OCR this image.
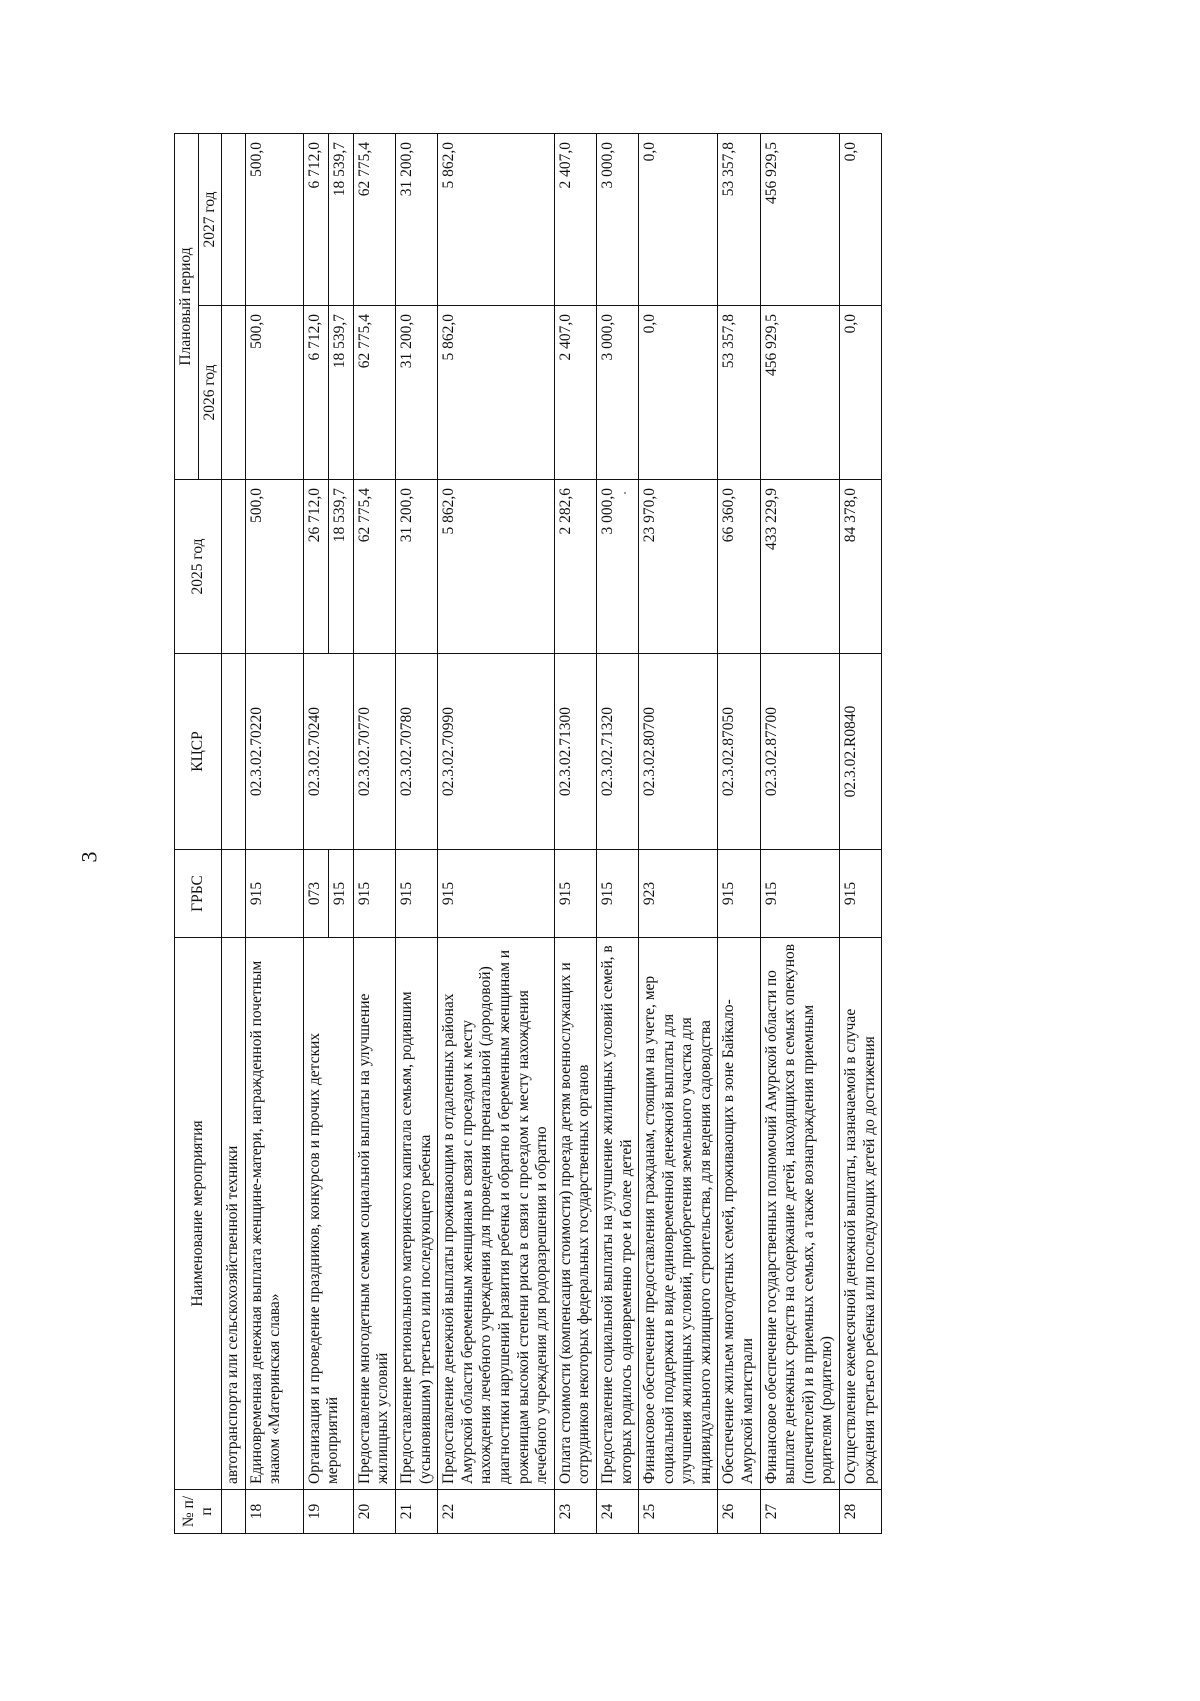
3
№ п/п	Наименование мероприятия	ГРБС	КЦСР	2025 год	Плановый период	
					2026 год	2027 год
	автотранспорта или сельскохозяйственной техники					
18	Единовременная денежная выплата женщине-матери, награжденной почетным знаком «Материнская слава»	915	02.3.02.70220	500,0	500,0	500,0
19	Организация и проведение праздников, конкурсов и прочих детских мероприятий	073	02.3.02.70240	26 712,0	6 712,0	6 712,0
		915		18 539,7	18 539,7	18 539,7
20	Предоставление многодетным семьям социальной выплаты на улучшение жилищных условий	915	02.3.02.70770	62 775,4	62 775,4	62 775,4
21	Предоставление регионального материнского капитала семьям, родившим (усыновившим) третьего или последующего ребенка	915	02.3.02.70780	31 200,0	31 200,0	31 200,0
22	Предоставление денежной выплаты проживающим в отдаленных районах Амурской области беременным женщинам в связи с проездом к месту нахождения лечебного учреждения для проведения пренатальной (дородовой) диагностики нарушений развития ребенка и обратно и беременным женщинам и роженицам высокой степени риска в связи с проездом к месту нахождения лечебного учреждения для родоразрешения и обратно	915	02.3.02.70990	5 862,0	5 862,0	5 862,0
23	Оплата стоимости (компенсация стоимости) проезда детям военнослужащих и сотрудников некоторых федеральных государственных органов	915	02.3.02.71300	2 282,6	2 407,0	2 407,0
24	Предоставление социальной выплаты на улучшение жилищных условий семей, в которых родилось одновременно трое и более детей	915	02.3.02.71320	3 000,0	3 000,0	3 000,0
25	Финансовое обеспечение предоставления гражданам, стоящим на учете, мер социальной поддержки в виде единовременной денежной выплаты для улучшения жилищных условий, приобретения земельного участка для индивидуального жилищного строительства, для ведения садоводства	923	02.3.02.80700	23 970,0	0,0	0,0
26	Обеспечение жильем многодетных семей, проживающих в зоне Байкало-Амурской магистрали	915	02.3.02.87050	66 360,0	53 357,8	53 357,8
27	Финансовое обеспечение государственных полномочий Амурской области по выплате денежных средств на содержание детей, находящихся в семьях опекунов (попечителей) и в приемных семьях, а также вознаграждения приемным родителям (родителю)	915	02.3.02.87700	433 229,9	456 929,5	456 929,5
28	Осуществление ежемесячной денежной выплаты, назначаемой в случае рождения третьего ребенка или последующих детей до достижения	915	02.3.02.R0840	84 378,0	0,0	0,0
